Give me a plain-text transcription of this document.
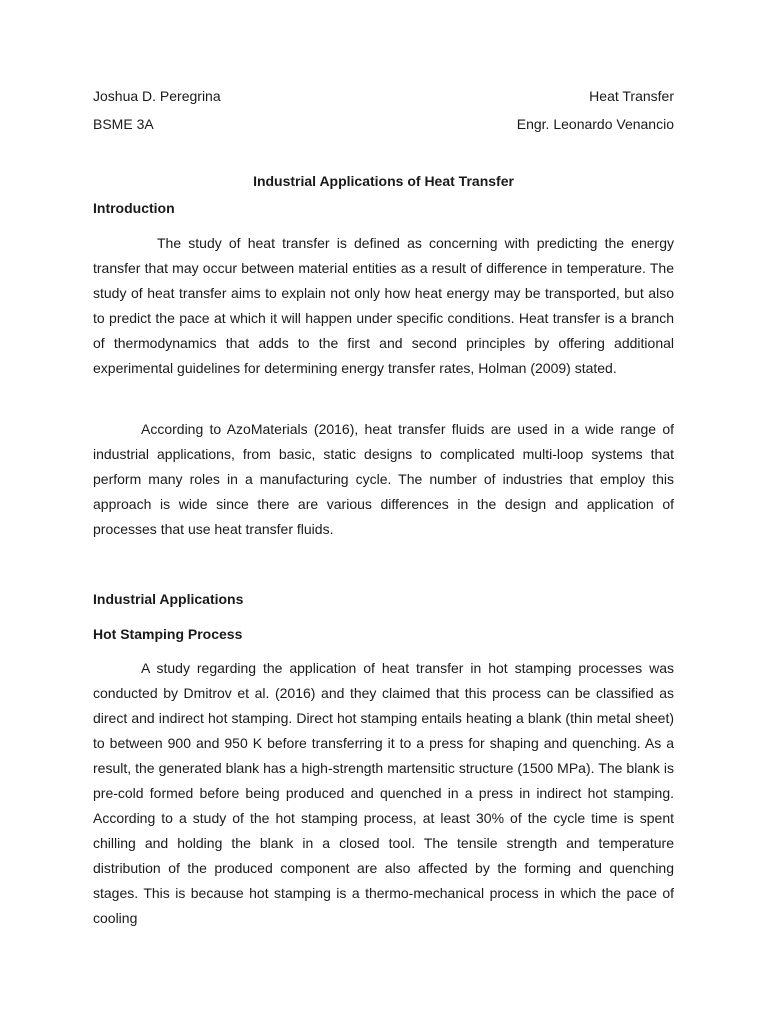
Joshua D. Peregrina	Heat Transfer
BSME 3A	Engr. Leonardo Venancio
Industrial Applications of Heat Transfer
Introduction

The study of heat transfer is defined as concerning with predicting the energy transfer that may occur between material entities as a result of difference in temperature. The study of heat transfer aims to explain not only how heat energy may be transported, but also to predict the pace at which it will happen under specific conditions. Heat transfer is a branch of thermodynamics that adds to the first and second principles by offering additional experimental guidelines for determining energy transfer rates, Holman (2009) stated.

According to AzoMaterials (2016), heat transfer fluids are used in a wide range of industrial applications, from basic, static designs to complicated multi-loop systems that perform many roles in a manufacturing cycle. The number of industries that employ this approach is wide since there are various differences in the design and application of processes that use heat transfer fluids.

Industrial Applications
Hot Stamping Process

A study regarding the application of heat transfer in hot stamping processes was conducted by Dmitrov et al. (2016) and they claimed that this process can be classified as direct and indirect hot stamping. Direct hot stamping entails heating a blank (thin metal sheet) to between 900 and 950 K before transferring it to a press for shaping and quenching. As a result, the generated blank has a high-strength martensitic structure (1500 MPa). The blank is pre-cold formed before being produced and quenched in a press in indirect hot stamping. According to a study of the hot stamping process, at least 30% of the cycle time is spent chilling and holding the blank in a closed tool. The tensile strength and temperature distribution of the produced component are also affected by the forming and quenching stages. This is because hot stamping is a thermo-mechanical process in which the pace of cooling
